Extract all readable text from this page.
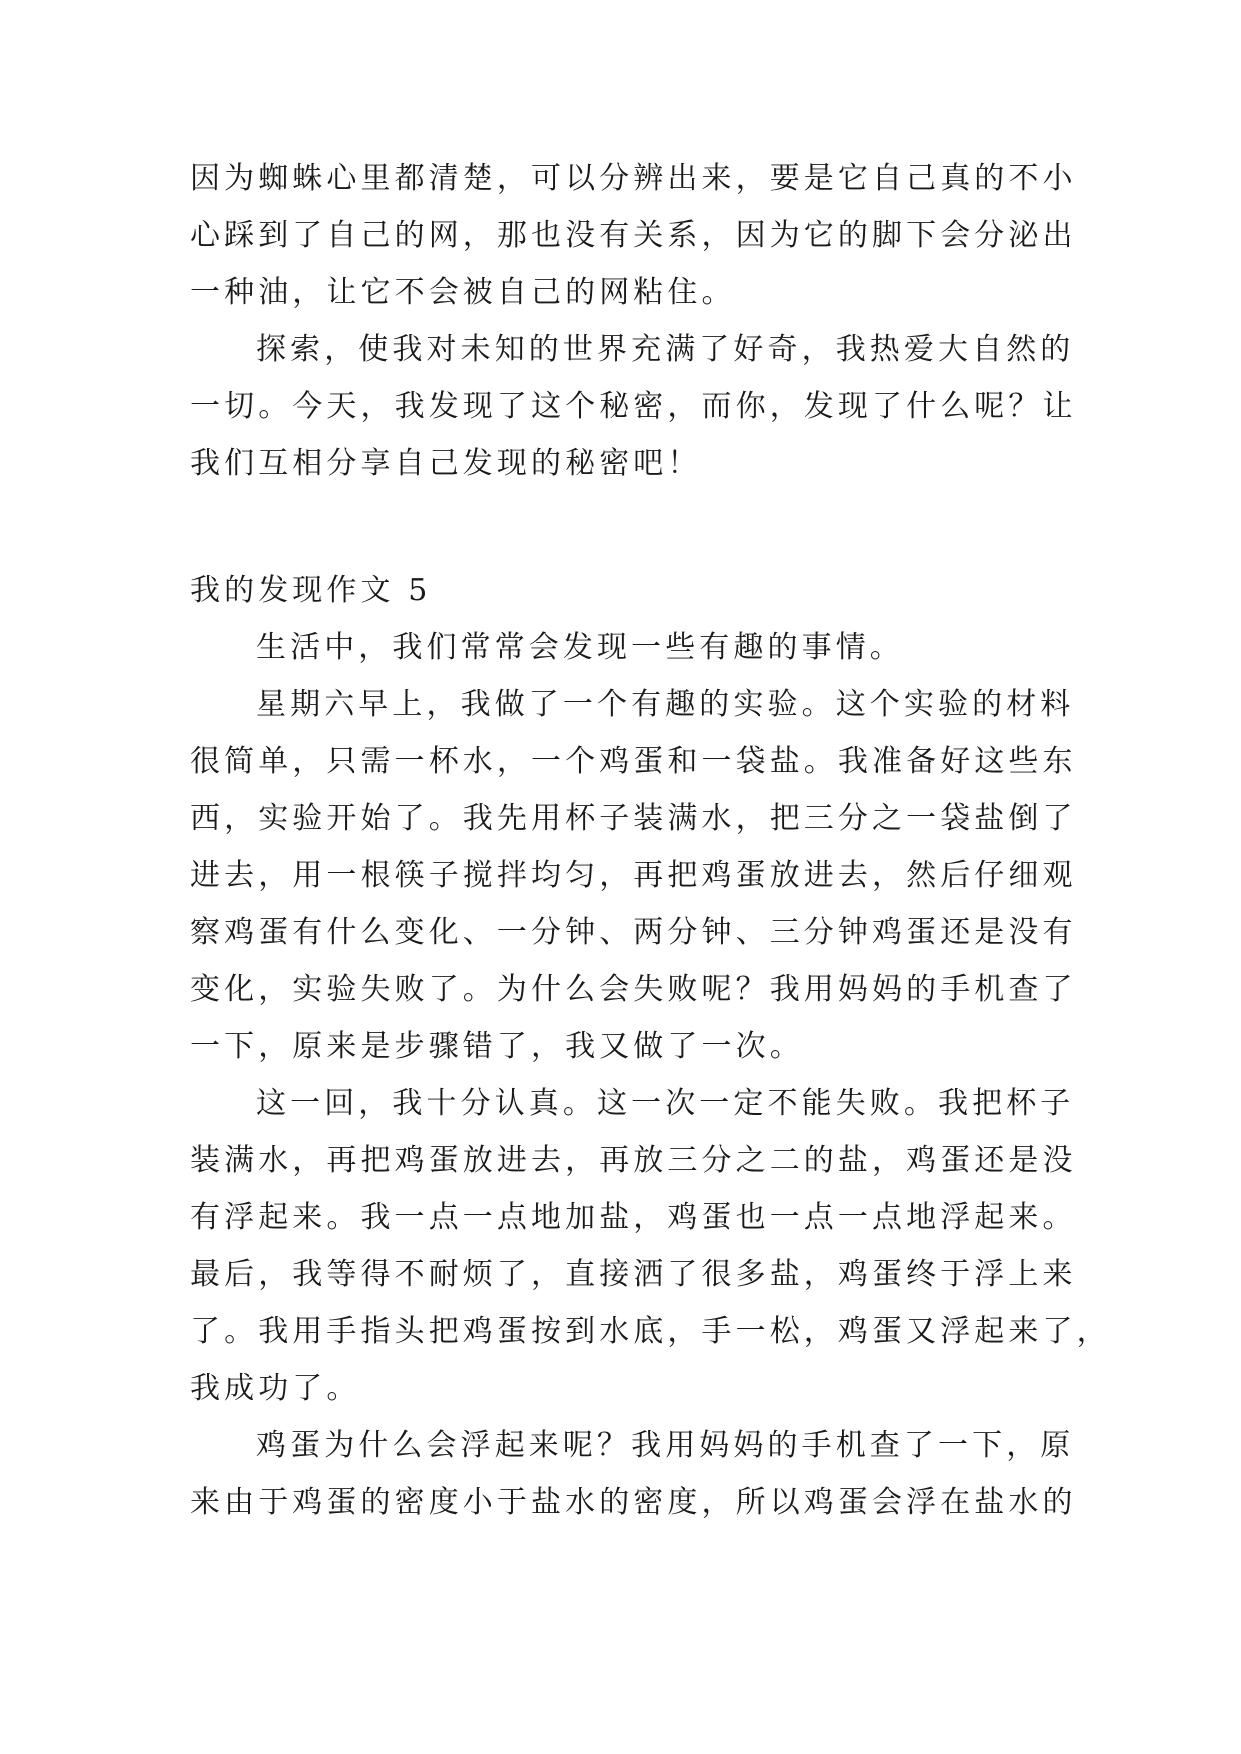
因为蜘蛛心里都清楚，可以分辨出来，要是它自己真的不小
心踩到了自己的网，那也没有关系，因为它的脚下会分泌出
一种油，让它不会被自己的网粘住。
探索，使我对未知的世界充满了好奇，我热爱大自然的
一切。今天，我发现了这个秘密，而你，发现了什么呢？让
我们互相分享自己发现的秘密吧！
我的发现作文 5
生活中，我们常常会发现一些有趣的事情。
星期六早上，我做了一个有趣的实验。这个实验的材料
很简单，只需一杯水，一个鸡蛋和一袋盐。我准备好这些东
西，实验开始了。我先用杯子装满水，把三分之一袋盐倒了
进去，用一根筷子搅拌均匀，再把鸡蛋放进去，然后仔细观
察鸡蛋有什么变化、一分钟、两分钟、三分钟鸡蛋还是没有
变化，实验失败了。为什么会失败呢？我用妈妈的手机查了
一下，原来是步骤错了，我又做了一次。
这一回，我十分认真。这一次一定不能失败。我把杯子
装满水，再把鸡蛋放进去，再放三分之二的盐，鸡蛋还是没
有浮起来。我一点一点地加盐，鸡蛋也一点一点地浮起来。
最后，我等得不耐烦了，直接洒了很多盐，鸡蛋终于浮上来
了。我用手指头把鸡蛋按到水底，手一松，鸡蛋又浮起来了，
我成功了。
鸡蛋为什么会浮起来呢？我用妈妈的手机查了一下，原
来由于鸡蛋的密度小于盐水的密度，所以鸡蛋会浮在盐水的
